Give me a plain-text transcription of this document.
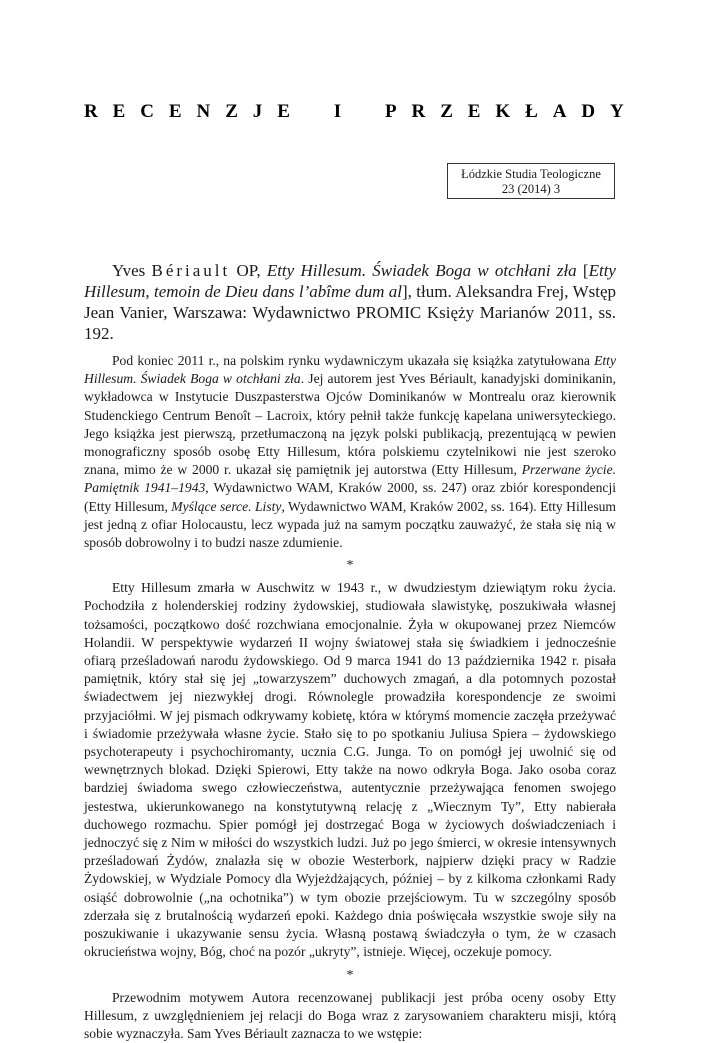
R E C E N Z J E I P R Z E K Ł A D Y
Łódzkie Studia Teologiczne
23 (2014) 3
Yves Bériault OP, Etty Hillesum. Świadek Boga w otchłani zła [Etty Hillesum, temoin de Dieu dans l’abîme dum al], tłum. Aleksandra Frej, Wstęp Jean Vanier, Warszawa: Wydawnictwo PROMIC Księży Marianów 2011, ss. 192.

Pod koniec 2011 r., na polskim rynku wydawniczym ukazała się książka zatytułowana Etty Hillesum. Świadek Boga w otchłani zła. Jej autorem jest Yves Bériault, kanadyjski dominikanin, wykładowca w Instytucie Duszpasterstwa Ojców Dominikanów w Montrealu oraz kierownik Studenckiego Centrum Benoît – Lacroix, który pełnił także funkcję kapelana uniwersyteckiego. Jego książka jest pierwszą, przetłumaczoną na język polski publikacją, prezentującą w pewien monograficzny sposób osobę Etty Hillesum, która polskiemu czytelnikowi nie jest szeroko znana, mimo że w 2000 r. ukazał się pamiętnik jej autorstwa (Etty Hillesum, Przerwane życie. Pamiętnik 1941–1943, Wydawnictwo WAM, Kraków 2000, ss. 247) oraz zbiór korespondencji (Etty Hillesum, Myślące serce. Listy, Wydawnictwo WAM, Kraków 2002, ss. 164). Etty Hillesum jest jedną z ofiar Holocaustu, lecz wypada już na samym początku zauważyć, że stała się nią w sposób dobrowolny i to budzi nasze zdumienie.

*

Etty Hillesum zmarła w Auschwitz w 1943 r., w dwudziestym dziewiątym roku życia. Pochodziła z holenderskiej rodziny żydowskiej, studiowała slawistykę, poszukiwała własnej tożsamości, początkowo dość rozchwiana emocjonalnie. Żyła w okupowanej przez Niemców Holandii. W perspektywie wydarzeń II wojny światowej stała się świadkiem i jednocześnie ofiarą prześladowań narodu żydowskiego. Od 9 marca 1941 do 13 października 1942 r. pisała pamiętnik, który stał się jej „towarzyszem” duchowych zmagań, a dla potomnych pozostał świadectwem jej niezwykłej drogi. Równolegle prowadziła korespondencje ze swoimi przyjaciółmi. W jej pismach odkrywamy kobietę, która w którymś momencie zaczęła przeżywać i świadomie przeżywała własne życie. Stało się to po spotkaniu Juliusa Spiera – żydowskiego psychoterapeuty i psychochiromanty, ucznia C.G. Junga. To on pomógł jej uwolnić się od wewnętrznych blokad. Dzięki Spierowi, Etty także na nowo odkryła Boga. Jako osoba coraz bardziej świadoma swego człowieczeństwa, autentycznie przeżywająca fenomen swojego jestestwa, ukierunkowanego na konstytutywną relację z „Wiecznym Ty”, Etty nabierała duchowego rozmachu. Spier pomógł jej dostrzegać Boga w życiowych doświadczeniach i jednoczyć się z Nim w miłości do wszystkich ludzi. Już po jego śmierci, w okresie intensywnych prześladowań Żydów, znalazła się w obozie Westerbork, najpierw dzięki pracy w Radzie Żydowskiej, w Wydziale Pomocy dla Wyjeżdżających, później – by z kilkoma członkami Rady osiąść dobrowolnie („na ochotnika”) w tym obozie przejściowym. Tu w szczególny sposób zderzała się z brutalnością wydarzeń epoki. Każdego dnia poświęcała wszystkie swoje siły na poszukiwanie i ukazywanie sensu życia. Własną postawą świadczyła o tym, że w czasach okrucieństwa wojny, Bóg, choć na pozór „ukryty”, istnieje. Więcej, oczekuje pomocy.

*

Przewodnim motywem Autora recenzowanej publikacji jest próba oceny osoby Etty Hillesum, z uwzględnieniem jej relacji do Boga wraz z zarysowaniem charakteru misji, którą sobie wyznaczyła. Sam Yves Bériault zaznacza to we wstępie:
